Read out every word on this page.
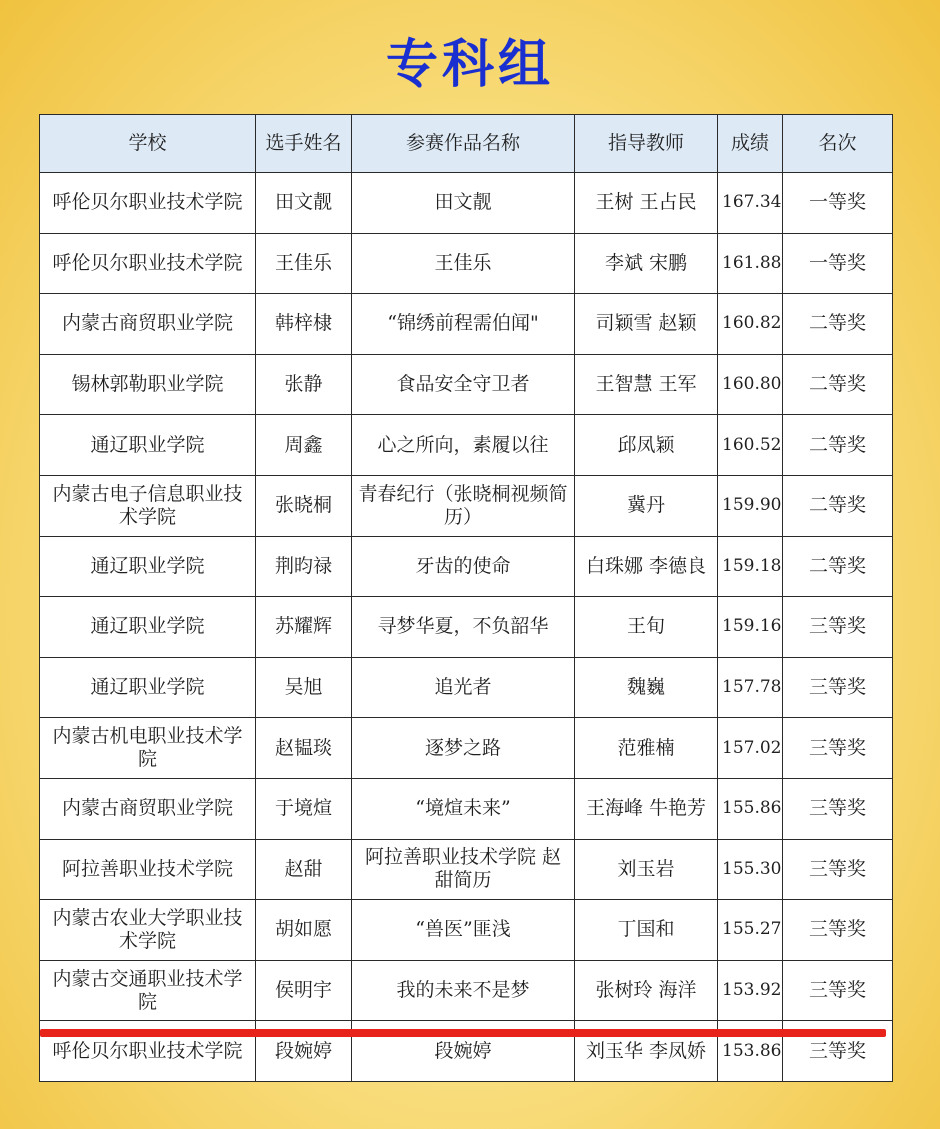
专科组
学校	选手姓名	参赛作品名称	指导教师	成绩	名次
呼伦贝尔职业技术学院	田文靓	田文靓	王树 王占民	167.34	一等奖
呼伦贝尔职业技术学院	王佳乐	王佳乐	李斌 宋鹏	161.88	一等奖
内蒙古商贸职业学院	韩梓棣	“锦绣前程需伯闻"	司颖雪 赵颖	160.82	二等奖
锡林郭勒职业学院	张静	食品安全守卫者	王智慧 王军	160.80	二等奖
通辽职业学院	周鑫	心之所向，素履以往	邱凤颖	160.52	二等奖
内蒙古电子信息职业技术学院	张晓桐	青春纪行（张晓桐视频简历）	冀丹	159.90	二等奖
通辽职业学院	荆昀禄	牙齿的使命	白珠娜 李德良	159.18	二等奖
通辽职业学院	苏耀辉	寻梦华夏，不负韶华	王旬	159.16	三等奖
通辽职业学院	吴旭	追光者	魏巍	157.78	三等奖
内蒙古机电职业技术学院	赵韫琰	逐梦之路	范雅楠	157.02	三等奖
内蒙古商贸职业学院	于境煊	“境煊未来”	王海峰 牛艳芳	155.86	三等奖
阿拉善职业技术学院	赵甜	阿拉善职业技术学院 赵甜简历	刘玉岩	155.30	三等奖
内蒙古农业大学职业技术学院	胡如愿	“兽医”匪浅	丁国和	155.27	三等奖
内蒙古交通职业技术学院	侯明宇	我的未来不是梦	张树玲 海洋	153.92	三等奖
呼伦贝尔职业技术学院	段婉婷	段婉婷	刘玉华 李凤娇	153.86	三等奖
